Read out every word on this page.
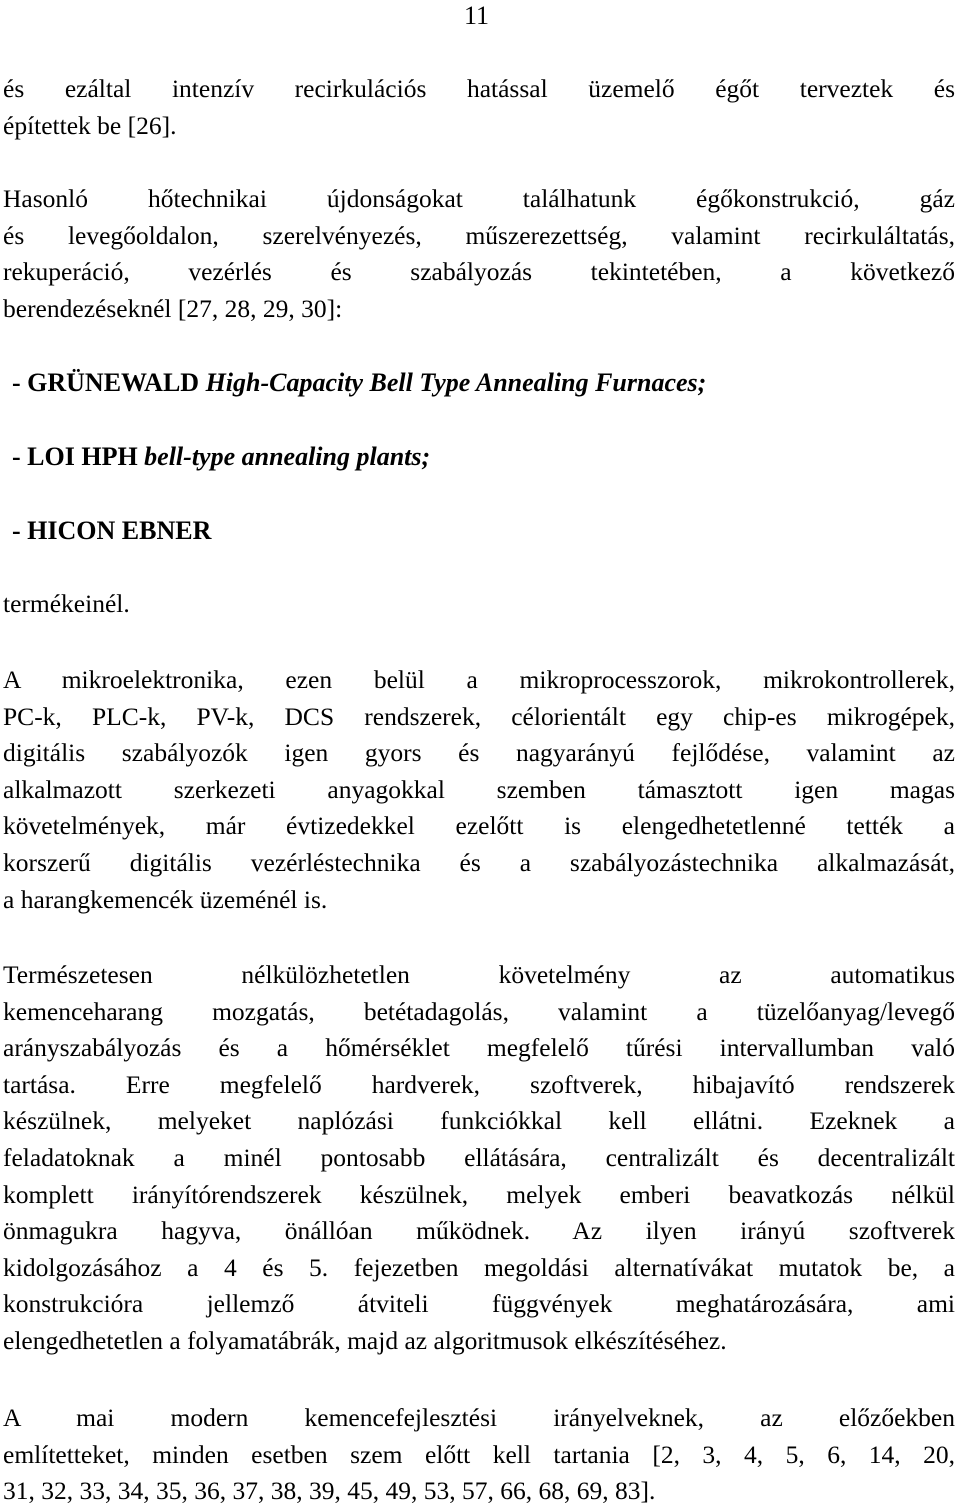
11
és ezáltal intenzív recirkulációs hatással üzemelő égőt terveztek és
építettek be [26].
Hasonló hőtechnikai újdonságokat találhatunk égőkonstrukció, gáz
és levegőoldalon, szerelvényezés, műszerezettség, valamint recirkuláltatás,
rekuperáció, vezérlés és szabályozás tekintetében, a következő
berendezéseknél [27, 28, 29, 30]:
- GRÜNEWALD High-Capacity Bell Type Annealing Furnaces;
- LOI HPH bell-type annealing plants;
- HICON EBNER
termékeinél.
A mikroelektronika, ezen belül a mikroprocesszorok, mikrokontrollerek,
PC-k, PLC-k, PV-k, DCS rendszerek, célorientált egy chip-es mikrogépek,
digitális szabályozók igen gyors és nagyarányú fejlődése, valamint az
alkalmazott szerkezeti anyagokkal szemben támasztott igen magas
követelmények, már évtizedekkel ezelőtt is elengedhetetlenné tették a
korszerű digitális vezérléstechnika és a szabályozástechnika alkalmazását,
a harangkemencék üzeménél is.
Természetesen nélkülözhetetlen követelmény az automatikus
kemenceharang mozgatás, betétadagolás, valamint a tüzelőanyag/levegő
arányszabályozás és a hőmérséklet megfelelő tűrési intervallumban való
tartása. Erre megfelelő hardverek, szoftverek, hibajavító rendszerek
készülnek, melyeket naplózási funkciókkal kell ellátni. Ezeknek a
feladatoknak a minél pontosabb ellátására, centralizált és decentralizált
komplett irányítórendszerek készülnek, melyek emberi beavatkozás nélkül
önmagukra hagyva, önállóan működnek. Az ilyen irányú szoftverek
kidolgozásához a 4 és 5. fejezetben megoldási alternatívákat mutatok be, a
konstrukcióra jellemző átviteli függvények meghatározására, ami
elengedhetetlen a folyamatábrák, majd az algoritmusok elkészítéséhez.
A mai modern kemencefejlesztési irányelveknek, az előzőekben
említetteket, minden esetben szem előtt kell tartania [2, 3, 4, 5, 6, 14, 20,
31, 32, 33, 34, 35, 36, 37, 38, 39, 45, 49, 53, 57, 66, 68, 69, 83].
